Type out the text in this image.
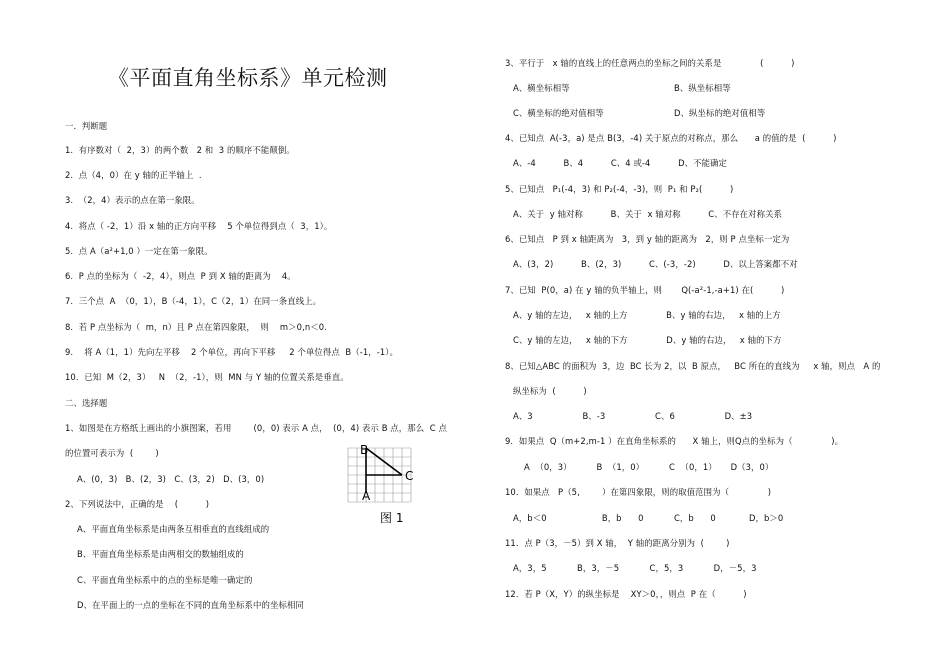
《平面直角坐标系》单元检测
一.  判断题
1.  有序数对（  2，3）的两个数   2 和  3 的顺序不能颠倒。
2.  点（4，0）在 y 轴的正半轴上  .
3.  （2，4）表示的点在第一象限。
4.  将点（ -2，1）沿 x 轴的正方向平移    5 个单位得到点（  3，1）。
5.  点 A（a²+1,0 ）一定在第一象限。
6.  P 点的坐标为（  -2，4），则点  P 到 X 轴的距离为    4。
7.  三个点  A  （0，1），B（-4，1），C（2，1）在同一条直线上。
8.  若 P 点坐标为（  m，n）且 P 点在第四象限，  则    m＞0,n＜0.
9.    将 A（1，1）先向左平移    2 个单位，再向下平移     2 个单位得点  B（-1，-1）。
10．已知  M（2，3）   N  （2，-1），则  MN 与 Y 轴的位置关系是垂直。
二、选择题
1、如图是在方格纸上画出的小旗图案，若用        (0，0) 表示 A 点，  (0，4) 表示 B 点，那么  C 点
的位置可表示为  (        )
A、(0，3)   B、(2，3)   C、(3，2)   D、(3，0)
2、下列说法中，正确的是    (          )
A、平面直角坐标系是由两条互相垂直的直线组成的
B、平面直角坐标系是由两相交的数轴组成的
C、平面直角坐标系中的点的坐标是唯一确定的
D、在平面上的一点的坐标在不同的直角坐标系中的坐标相同
3、平行于   x 轴的直线上的任意两点的坐标之间的关系是              (          )
A、横坐标相等	B、纵坐标相等
C、横坐标的绝对值相等	D、纵坐标的绝对值相等
4、已知点  A(-3，a) 是点 B(3，-4) 关于原点的对称点，那么      a 的值的是  (          )
A、-4          B、4          C、4 或-4          D、不能确定
5、已知点   P₁(-4，3) 和 P₂(-4，-3)，则  P₁ 和 P₂(          )
A、关于  y 轴对称          B、关于  x 轴对称          C、不存在对称关系
6、已知点   P 到 x 轴距离为   3，到 y 轴的距离为   2，则 P 点坐标一定为
A、(3，2)          B、(2，3)          C、(-3，-2)          D、以上答案都不对
7、已知  P(0，a) 在 y 轴的负半轴上，则       Q(-a²-1,-a+1) 在(          )
A、y 轴的左边，   x 轴的上方              B、y 轴的右边，   x 轴的上方
C、y 轴的左边，   x 轴的下方              D、y 轴的右边，   x 轴的下方
8、已知△ABC 的面积为  3，边  BC 长为 2，以  B 原点，   BC 所在的直线为     x 轴，则点   A 的
纵坐标为  (          )
A、3                  B、-3                  C、6                  D、±3
9．如果点  Q（m+2,m-1 ）在直角坐标系的      X 轴上，则Q点的坐标为（              )。
A  （0，3）         B  （1，0）         C  （0，1）     D（3，0）
10．如果点   P（5,        ）在第四象限，则的取值范围为（              )
A，b＜0                    B，b      0           C，b      0            D，b＞0
11．点 P（3，－5）到 X 轴，  Y 轴的距离分别为  (        )
A，3，5           B，3，－5           C，5，3           D，－5，3
12．若 P（X，Y）的纵坐标是    XY＞0，，则点  P 在（          )
B
C
A
图 1
